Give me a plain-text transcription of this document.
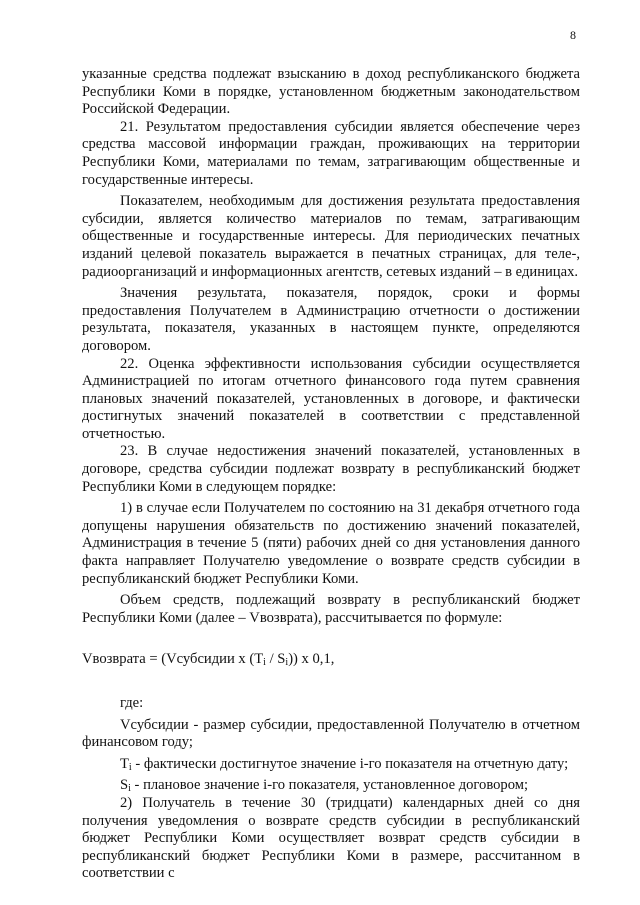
8

указанные средства подлежат взысканию в доход республиканского бюджета Республики Коми в порядке, установленном бюджетным законодательством Российской Федерации.

21. Результатом предоставления субсидии является обеспечение через средства массовой информации граждан, проживающих на территории Республики Коми, материалами по темам, затрагивающим общественные и государственные интересы.

Показателем, необходимым для достижения результата предоставления субсидии, является количество материалов по темам, затрагивающим общественные и государственные интересы. Для периодических печатных изданий целевой показатель выражается в печатных страницах, для теле-, радиоорганизаций и информационных агентств, сетевых изданий – в единицах.

Значения результата, показателя, порядок, сроки и формы предоставления Получателем в Администрацию отчетности о достижении результата, показателя, указанных в настоящем пункте, определяются договором.

22. Оценка эффективности использования субсидии осуществляется Администрацией по итогам отчетного финансового года путем сравнения плановых значений показателей, установленных в договоре, и фактически достигнутых значений показателей в соответствии с представленной отчетностью.

23. В случае недостижения значений показателей, установленных в договоре, средства субсидии подлежат возврату в республиканский бюджет Республики Коми в следующем порядке:

1) в случае если Получателем по состоянию на 31 декабря отчетного года допущены нарушения обязательств по достижению значений показателей, Администрация в течение 5 (пяти) рабочих дней со дня установления данного факта направляет Получателю уведомление о возврате средств субсидии в республиканский бюджет Республики Коми.

Объем средств, подлежащий возврату в республиканский бюджет Республики Коми (далее – Vвозврата), рассчитывается по формуле:

Vвозврата = (Vсубсидии х $(T_i / S_i)$) х 0,1,

где:

Vсубсидии - размер субсидии, предоставленной Получателю в отчетном финансовом году;

$T_i$ - фактически достигнутое значение i-го показателя на отчетную дату;

$S_i$ - плановое значение i-го показателя, установленное договором;

2) Получатель в течение 30 (тридцати) календарных дней со дня получения уведомления о возврате средств субсидии в республиканский бюджет Республики Коми осуществляет возврат средств субсидии в республиканский бюджет Республики Коми в размере, рассчитанном в соответствии с
